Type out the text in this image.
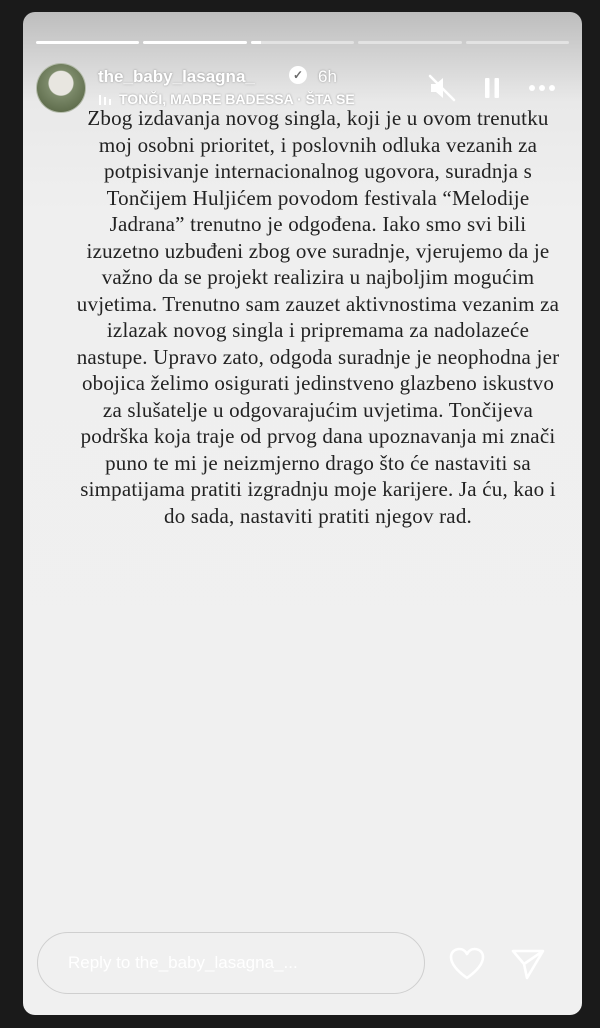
the_baby_lasagna_	✓ 6h
TONČI, MADRE BADESSA · ŠTA SE
Zbog izdavanja novog singla, koji je u ovom trenutku moj osobni prioritet, i poslovnih odluka vezanih za potpisivanje internacionalnog ugovora, suradnja s Tončijem Huljićem povodom festivala “Melodije Jadrana” trenutno je odgođena. Iako smo svi bili izuzetno uzbuđeni zbog ove suradnje, vjerujemo da je važno da se projekt realizira u najboljim mogućim uvjetima. Trenutno sam zauzet aktivnostima vezanim za izlazak novog singla i pripremama za nadolazeće nastupe. Upravo zato, odgoda suradnje je neophodna jer obojica želimo osigurati jedinstveno glazbeno iskustvo za slušatelje u odgovarajućim uvjetima. Tončijeva podrška koja traje od prvog dana upoznavanja mi znači puno te mi je neizmjerno drago što će nastaviti sa simpatijama pratiti izgradnju moje karijere. Ja ću, kao i do sada, nastaviti pratiti njegov rad.
Reply to the_baby_lasagna_...
